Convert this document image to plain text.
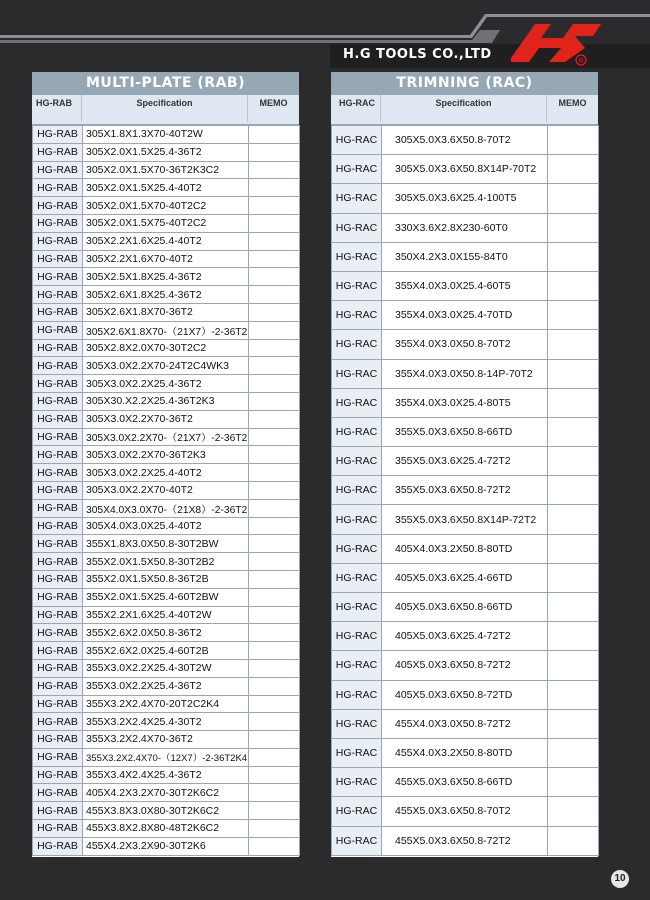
H.G TOOLS CO.,LTD	R
MULTI-PLATE (RAB)
HG-RAB	Specification	MEMO
HG-RAB	305X1.8X1.3X70-40T2W	
HG-RAB	305X2.0X1.5X25.4-36T2	
HG-RAB	305X2.0X1.5X70-36T2K3C2	
HG-RAB	305X2.0X1.5X25.4-40T2	
HG-RAB	305X2.0X1.5X70-40T2C2	
HG-RAB	305X2.0X1.5X75-40T2C2	
HG-RAB	305X2.2X1.6X25.4-40T2	
HG-RAB	305X2.2X1.6X70-40T2	
HG-RAB	305X2.5X1.8X25.4-36T2	
HG-RAB	305X2.6X1.8X25.4-36T2	
HG-RAB	305X2.6X1.8X70-36T2	
HG-RAB	305X2.6X1.8X70-（21X7）-2-36T2	
HG-RAB	305X2.8X2.0X70-30T2C2	
HG-RAB	305X3.0X2.2X70-24T2C4WK3	
HG-RAB	305X3.0X2.2X25.4-36T2	
HG-RAB	305X30.X2.2X25.4-36T2K3	
HG-RAB	305X3.0X2.2X70-36T2	
HG-RAB	305X3.0X2.2X70-（21X7）-2-36T2	
HG-RAB	305X3.0X2.2X70-36T2K3	
HG-RAB	305X3.0X2.2X25.4-40T2	
HG-RAB	305X3.0X2.2X70-40T2	
HG-RAB	305X4.0X3.0X70-（21X8）-2-36T2	
HG-RAB	305X4.0X3.0X25.4-40T2	
HG-RAB	355X1.8X3.0X50.8-30T2BW	
HG-RAB	355X2.0X1.5X50.8-30T2B2	
HG-RAB	355X2.0X1.5X50.8-36T2B	
HG-RAB	355X2.0X1.5X25.4-60T2BW	
HG-RAB	355X2.2X1.6X25.4-40T2W	
HG-RAB	355X2.6X2.0X50.8-36T2	
HG-RAB	355X2.6X2.0X25.4-60T2B	
HG-RAB	355X3.0X2.2X25.4-30T2W	
HG-RAB	355X3.0X2.2X25.4-36T2	
HG-RAB	355X3.2X2.4X70-20T2C2K4	
HG-RAB	355X3.2X2.4X25.4-30T2	
HG-RAB	355X3.2X2.4X70-36T2	
HG-RAB	355X3.2X2.4X70-（12X7）-2-36T2K4	
HG-RAB	355X3.4X2.4X25.4-36T2	
HG-RAB	405X4.2X3.2X70-30T2K6C2	
HG-RAB	455X3.8X3.0X80-30T2K6C2	
HG-RAB	455X3.8X2.8X80-48T2K6C2	
HG-RAB	455X4.2X3.2X90-30T2K6	
TRIMNING (RAC)
HG-RAC	Specification	MEMO
HG-RAC	305X5.0X3.6X50.8-70T2	
HG-RAC	305X5.0X3.6X50.8X14P-70T2	
HG-RAC	305X5.0X3.6X25.4-100T5	
HG-RAC	330X3.6X2.8X230-60T0	
HG-RAC	350X4.2X3.0X155-84T0	
HG-RAC	355X4.0X3.0X25.4-60T5	
HG-RAC	355X4.0X3.0X25.4-70TD	
HG-RAC	355X4.0X3.0X50.8-70T2	
HG-RAC	355X4.0X3.0X50.8-14P-70T2	
HG-RAC	355X4.0X3.0X25.4-80T5	
HG-RAC	355X5.0X3.6X50.8-66TD	
HG-RAC	355X5.0X3.6X25.4-72T2	
HG-RAC	355X5.0X3.6X50.8-72T2	
HG-RAC	355X5.0X3.6X50.8X14P-72T2	
HG-RAC	405X4.0X3.2X50.8-80TD	
HG-RAC	405X5.0X3.6X25.4-66TD	
HG-RAC	405X5.0X3.6X50.8-66TD	
HG-RAC	405X5.0X3.6X25.4-72T2	
HG-RAC	405X5.0X3.6X50.8-72T2	
HG-RAC	405X5.0X3.6X50.8-72TD	
HG-RAC	455X4.0X3.0X50.8-72T2	
HG-RAC	455X4.0X3.2X50.8-80TD	
HG-RAC	455X5.0X3.6X50.8-66TD	
HG-RAC	455X5.0X3.6X50.8-70T2	
HG-RAC	455X5.0X3.6X50.8-72T2	
10
